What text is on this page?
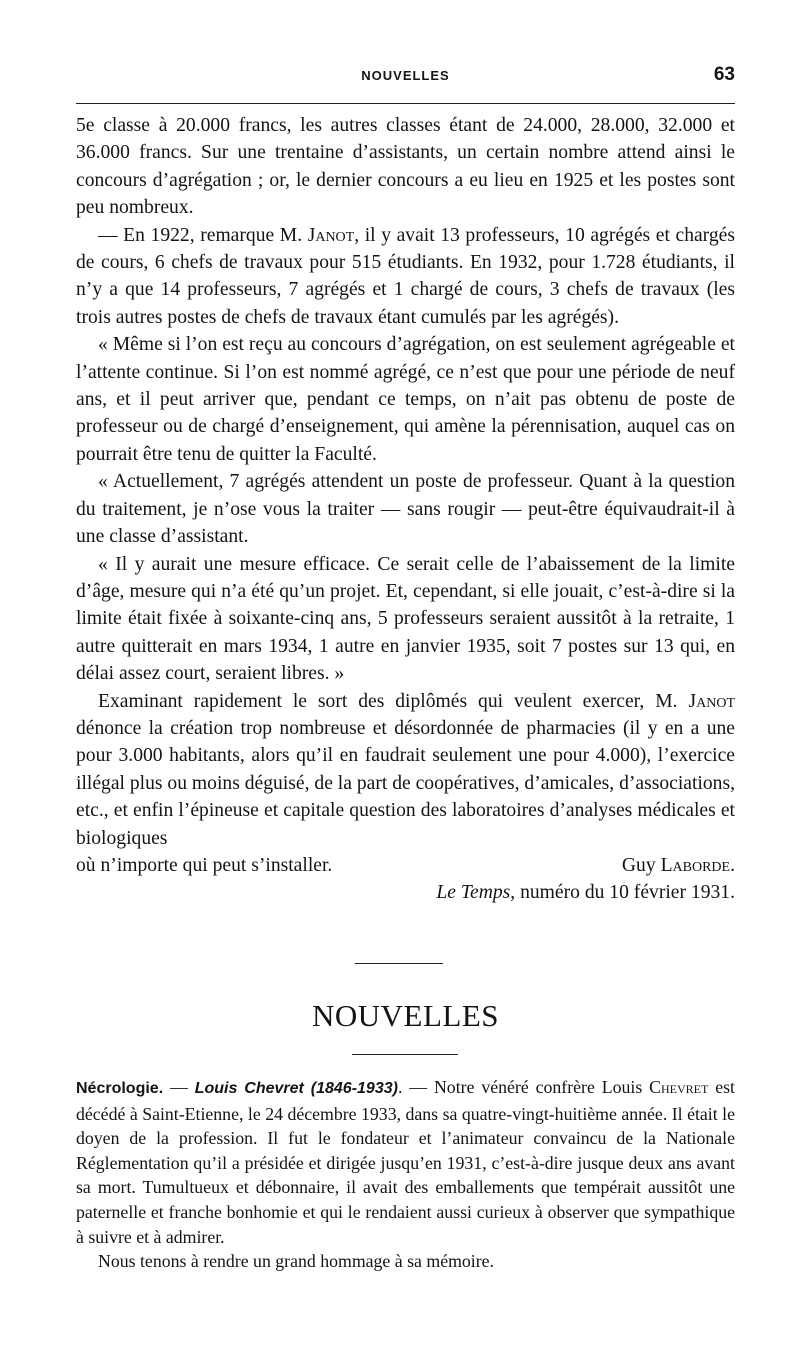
NOUVELLES	63

5e classe à 20.000 francs, les autres classes étant de 24.000, 28.000, 32.000 et 36.000 francs. Sur une trentaine d’assistants, un certain nombre attend ainsi le concours d’agrégation ; or, le dernier concours a eu lieu en 1925 et les postes sont peu nombreux.

— En 1922, remarque M. Janot, il y avait 13 professeurs, 10 agrégés et chargés de cours, 6 chefs de travaux pour 515 étudiants. En 1932, pour 1.728 étudiants, il n’y a que 14 professeurs, 7 agrégés et 1 chargé de cours, 3 chefs de travaux (les trois autres postes de chefs de travaux étant cumulés par les agrégés).

« Même si l’on est reçu au concours d’agrégation, on est seulement agrégeable et l’attente continue. Si l’on est nommé agrégé, ce n’est que pour une période de neuf ans, et il peut arriver que, pendant ce temps, on n’ait pas obtenu de poste de professeur ou de chargé d’enseignement, qui amène la pérennisation, auquel cas on pourrait être tenu de quitter la Faculté.

« Actuellement, 7 agrégés attendent un poste de professeur. Quant à la question du traitement, je n’ose vous la traiter — sans rougir — peut-être équivaudrait-il à une classe d’assistant.

« Il y aurait une mesure efficace. Ce serait celle de l’abaissement de la limite d’âge, mesure qui n’a été qu’un projet. Et, cependant, si elle jouait, c’est-à-dire si la limite était fixée à soixante-cinq ans, 5 professeurs seraient aussitôt à la retraite, 1 autre quitterait en mars 1934, 1 autre en janvier 1935, soit 7 postes sur 13 qui, en délai assez court, seraient libres. »

Examinant rapidement le sort des diplômés qui veulent exercer, M. Janot dénonce la création trop nombreuse et désordonnée de pharmacies (il y en a une pour 3.000 habitants, alors qu’il en faudrait seulement une pour 4.000), l’exercice illégal plus ou moins déguisé, de la part de coopératives, d’amicales, d’associations, etc., et enfin l’épineuse et capitale question des laboratoires d’analyses médicales et biologiques

où n’importe qui peut s’installer.	Guy Laborde.

Le Temps, numéro du 10 février 1931.

NOUVELLES

Nécrologie. — Louis Chevret (1846-1933). — Notre vénéré confrère Louis Chevret est décédé à Saint-Etienne, le 24 décembre 1933, dans sa quatre-vingt-huitième année. Il était le doyen de la profession. Il fut le fondateur et l’animateur convaincu de la Nationale Réglementation qu’il a présidée et dirigée jusqu’en 1931, c’est-à-dire jusque deux ans avant sa mort. Tumultueux et débonnaire, il avait des emballements que tempérait aussitôt une paternelle et franche bonhomie et qui le rendaient aussi curieux à observer que sympathique à suivre et à admirer.

Nous tenons à rendre un grand hommage à sa mémoire.
